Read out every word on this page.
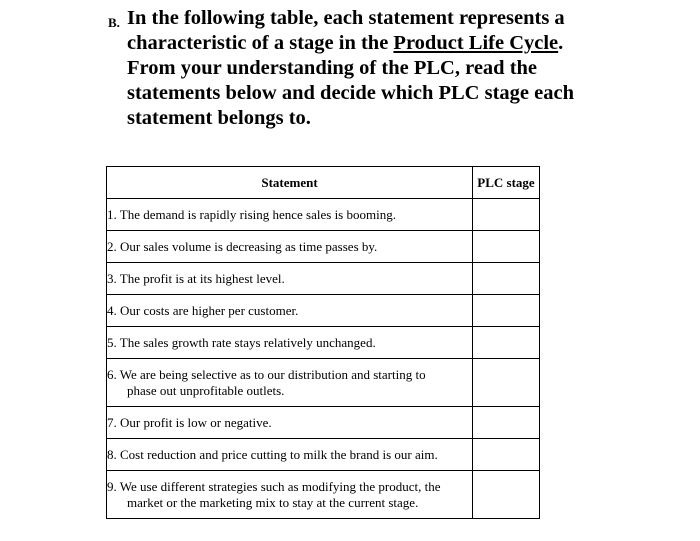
B. In the following table, each statement represents a
characteristic of a stage in the Product Life Cycle.
From your understanding of the PLC, read the
statements below and decide which PLC stage each
statement belongs to.
Statement	PLC stage
1. The demand is rapidly rising hence sales is booming.	
2. Our sales volume is decreasing as time passes by.	
3. The profit is at its highest level.	
4. Our costs are higher per customer.	
5. The sales growth rate stays relatively unchanged.	
6. We are being selective as to our distribution and starting to
phase out unprofitable outlets.	

7. Our profit is low or negative.	
8. Cost reduction and price cutting to milk the brand is our aim.	
9. We use different strategies such as modifying the product, the
market or the marketing mix to stay at the current stage.	
